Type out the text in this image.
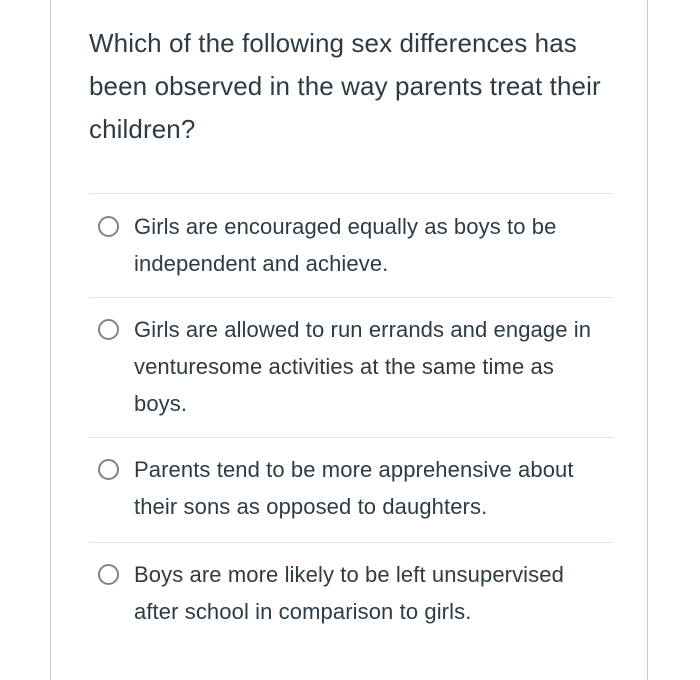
Which of the following sex differences has been observed in the way parents treat their children?

Girls are encouraged equally as boys to be independent and achieve.
Girls are allowed to run errands and engage in venturesome activities at the same time as boys.
Parents tend to be more apprehensive about their sons as opposed to daughters.
Boys are more likely to be left unsupervised after school in comparison to girls.
